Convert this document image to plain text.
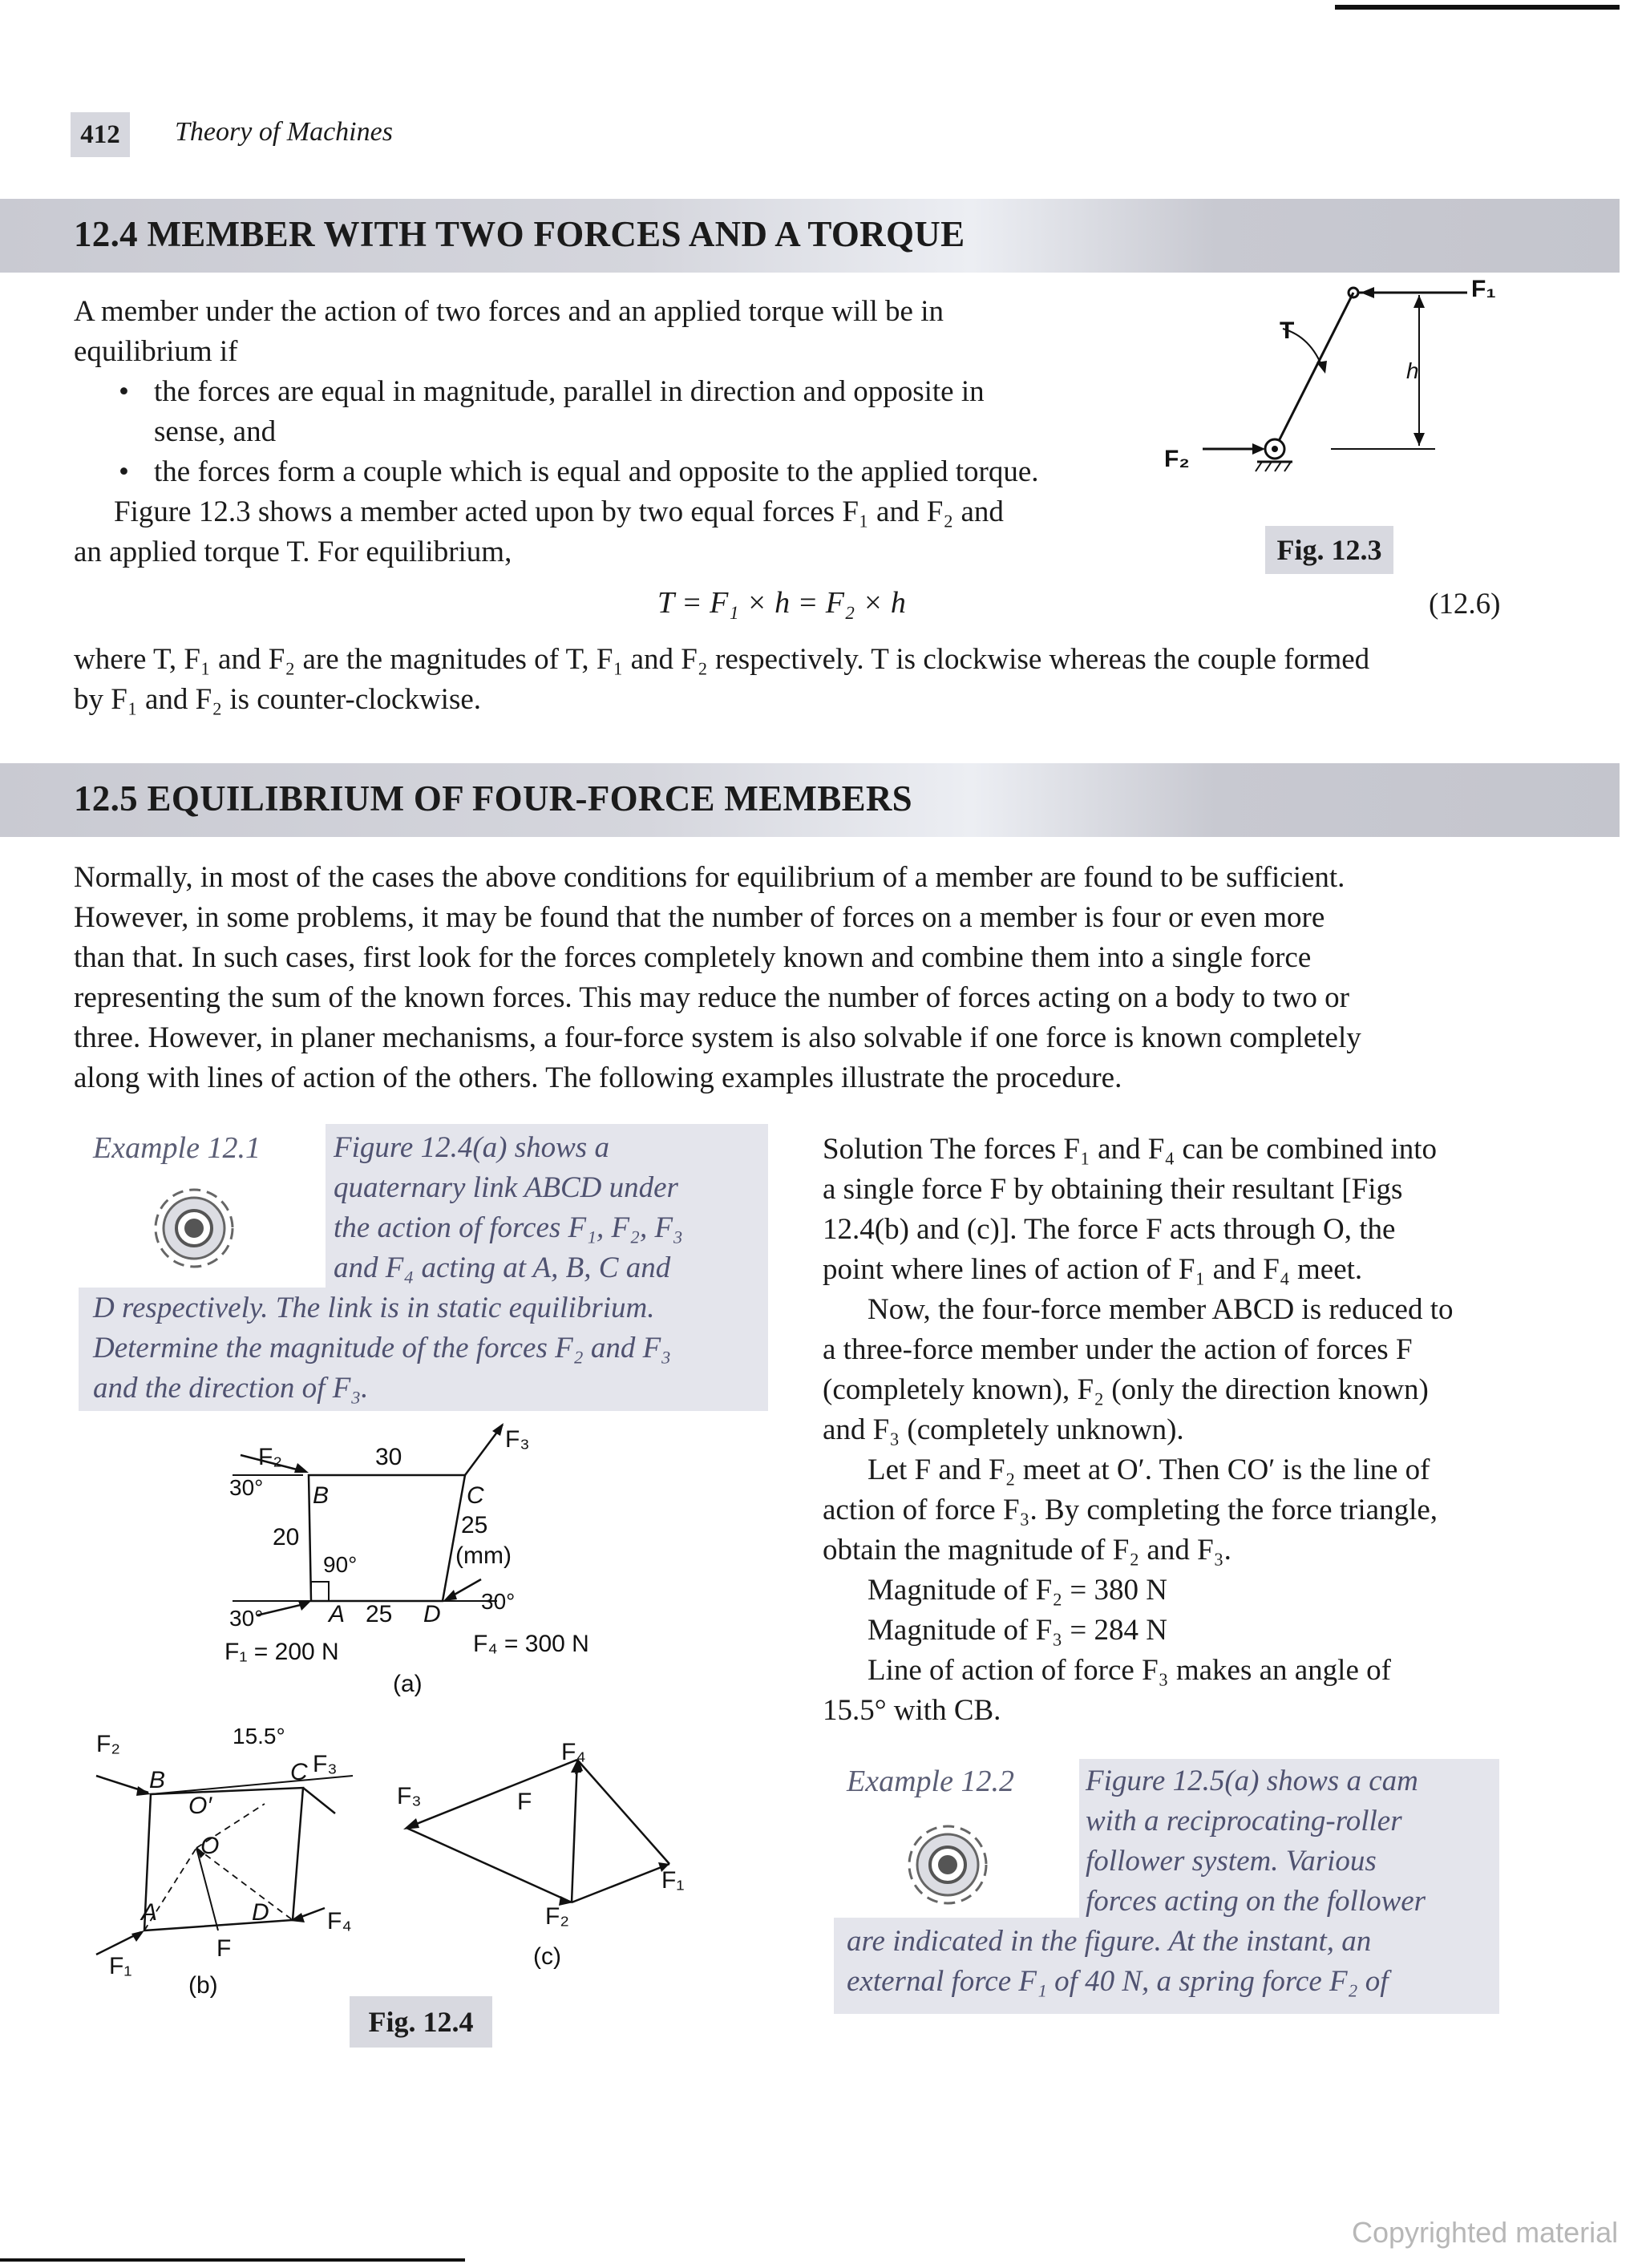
412	Theory of Machines
12.4 MEMBER WITH TWO FORCES AND A TORQUE
A member under the action of two forces and an applied torque will be in
equilibrium if
• the forces are equal in magnitude, parallel in direction and opposite in
sense, and
• the forces form a couple which is equal and opposite to the applied torque.
Figure 12.3 shows a member acted upon by two equal forces F₁ and F₂ and
an applied torque T. For equilibrium,
T
F₁
F₂
h
Fig. 12.3
T = F₁ × h = F₂ × h	(12.6)
where T, F₁ and F₂ are the magnitudes of T, F₁ and F₂ respectively. T is clockwise whereas the couple formed
by F₁ and F₂ is counter-clockwise.
12.5 EQUILIBRIUM OF FOUR-FORCE MEMBERS
Normally, in most of the cases the above conditions for equilibrium of a member are found to be sufficient.
However, in some problems, it may be found that the number of forces on a member is four or even more
than that. In such cases, first look for the forces completely known and combine them into a single force
representing the sum of the known forces. This may reduce the number of forces acting on a body to two or
three. However, in planer mechanisms, a four-force system is also solvable if one force is known completely
along with lines of action of the others. The following examples illustrate the procedure.
Example 12.1 Figure 12.4(a) shows a
quaternary link ABCD under
the action of forces F₁, F₂, F₃
and F₄ acting at A, B, C and
D respectively. The link is in static equilibrium.
Determine the magnitude of the forces F₂ and F₃
and the direction of F₃.
F₂
F₃
B	C
A	D
30
20
25
25
(mm)
30°
30°
30°
90°
F₁ = 200 N	F₄ = 300 N
(a)
F₂
F₃
F₁
F₄
F
B	C
A	D
O
O′
15.5°
(b)
F₃
F₄
F
F₁
F₂
(c)
Fig. 12.4
Solution The forces F₁ and F₄ can be combined into
a single force F by obtaining their resultant [Figs
12.4(b) and (c)]. The force F acts through O, the
point where lines of action of F₁ and F₄ meet.
Now, the four-force member ABCD is reduced to
a three-force member under the action of forces F
(completely known), F₂ (only the direction known)
and F₃ (completely unknown).
Let F and F₂ meet at O′. Then CO′ is the line of
action of force F₃. By completing the force triangle,
obtain the magnitude of F₂ and F₃.
Magnitude of F₂ = 380 N
Magnitude of F₃ = 284 N
Line of action of force F₃ makes an angle of
15.5° with CB.
Example 12.2 Figure 12.5(a) shows a cam
with a reciprocating-roller
follower system. Various
forces acting on the follower
are indicated in the figure. At the instant, an
external force F₁ of 40 N, a spring force F₂ of
Copyrighted material
